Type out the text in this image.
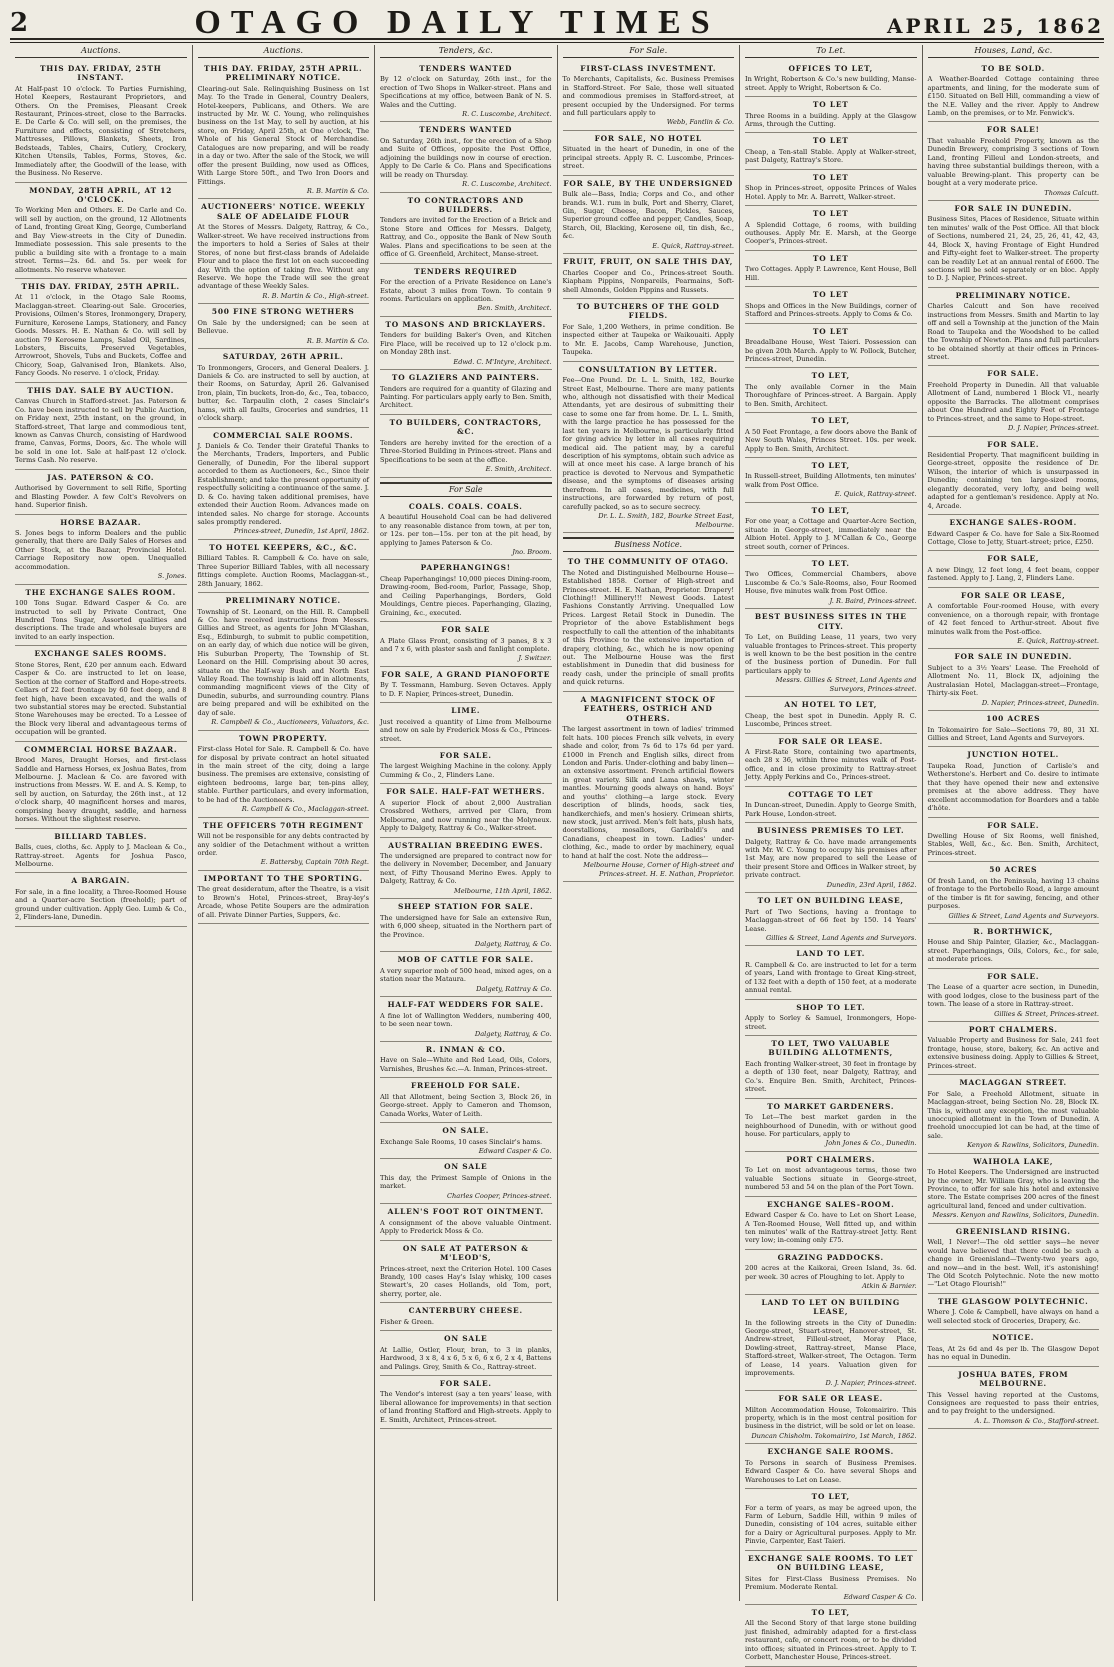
2	OTAGO DAILY TIMES	APRIL 25, 1862
Auctions.
THIS DAY. FRIDAY, 25TH INSTANT.

At Half-past 10 o'clock. To Parties Furnishing, Hotel Keepers, Restaurant Proprietors, and Others. On the Premises, Pleasant Creek Restaurant, Princes-street, close to the Barracks. E. De Carle & Co. will sell, on the premises, the Furniture and effects, consisting of Stretchers, Mattresses, Pillows, Blankets, Sheets, Iron Bedsteads, Tables, Chairs, Cutlery, Crockery, Kitchen Utensils, Tables, Forms, Stoves, &c. Immediately after, the Goodwill of the lease, with the Business. No Reserve.

MONDAY, 28TH APRIL, AT 12 O'CLOCK.

To Working Men and Others. E. De Carle and Co. will sell by auction, on the ground, 12 Allotments of Land, fronting Great King, George, Cumberland and Bay View-streets in the City of Dunedin. Immediate possession. This sale presents to the public a building site with a frontage to a main street. Terms—2s. 6d. and 5s. per week for allotments. No reserve whatever.

THIS DAY. FRIDAY, 25TH APRIL.

At 11 o'clock, in the Otago Sale Rooms, Maclaggan-street. Clearing-out Sale. Groceries, Provisions, Oilmen's Stores, Ironmongery, Drapery, Furniture, Kerosene Lamps, Stationery, and Fancy Goods. Messrs. H. E. Nathan & Co. will sell by auction 79 Kerosene Lamps, Salad Oil, Sardines, Lobsters, Biscuits, Preserved Vegetables, Arrowroot, Shovels, Tubs and Buckets, Coffee and Chicory, Soap, Galvanised Iron, Blankets. Also, Fancy Goods. No reserve. 1 o'clock, Friday.

THIS DAY. SALE BY AUCTION.

Canvas Church in Stafford-street. Jas. Paterson & Co. have been instructed to sell by Public Auction, on Friday next, 25th instant, on the ground, in Stafford-street, That large and commodious tent, known as Canvas Church, consisting of Hardwood frame, Canvas, Forms, Doors, &c. The whole will be sold in one lot. Sale at half-past 12 o'clock. Terms Cash. No reserve.

JAS. PATERSON & CO.

Authorised by Government to sell Rifle, Sporting and Blasting Powder. A few Colt's Revolvers on hand. Superior finish.

HORSE BAZAAR.

S. Jones begs to inform Dealers and the public generally, that there are Daily Sales of Horses and Other Stock, at the Bazaar, Provincial Hotel. Carriage Repository now open. Unequalled accommodation.

S. Jones.

THE EXCHANGE SALES ROOM.

100 Tons Sugar. Edward Casper & Co. are instructed to sell by Private Contract, One Hundred Tons Sugar, Assorted qualities and descriptions. The trade and wholesale buyers are invited to an early inspection.

EXCHANGE SALES ROOMS.

Stone Stores, Rent, £20 per annum each. Edward Casper & Co. are instructed to let on lease, Section at the corner of Stafford and Hope-streets. Cellars of 22 feet frontage by 60 feet deep, and 8 feet high, have been excavated, and the walls of two substantial stores may be erected. Substantial Stone Warehouses may be erected. To a Lessee of the Block very liberal and advantageous terms of occupation will be granted.

COMMERCIAL HORSE BAZAAR.

Brood Mares, Draught Horses, and first-class Saddle and Harness Horses, ex Joshua Bates, from Melbourne. J. Maclean & Co. are favored with instructions from Messrs. W. E. and A. S. Kemp, to sell by auction, on Saturday, the 26th inst., at 12 o'clock sharp, 40 magnificent horses and mares, comprising heavy draught, saddle, and harness horses. Without the slightest reserve.

BILLIARD TABLES.

Balls, cues, cloths, &c. Apply to J. Maclean & Co., Rattray-street. Agents for Joshua Pasco, Melbourne.

A BARGAIN.

For sale, in a fine locality, a Three-Roomed House and a Quarter-acre Section (freehold); part of ground under cultivation. Apply Geo. Lumb & Co., 2, Flinders-lane, Dunedin.

Auctions.
THIS DAY. FRIDAY, 25TH APRIL. PRELIMINARY NOTICE.

Clearing-out Sale. Relinquishing Business on 1st May. To the Trade in General, Country Dealers, Hotel-keepers, Publicans, and Others. We are instructed by Mr. W. C. Young, who relinquishes business on the 1st May, to sell by auction, at his store, on Friday, April 25th, at One o'clock, The Whole of his General Stock of Merchandise. Catalogues are now preparing, and will be ready in a day or two. After the sale of the Stock, we will offer the present Building, now used as Offices, With Large Store 50ft., and Two Iron Doors and Fittings.

R. B. Martin & Co.

AUCTIONEERS' NOTICE. WEEKLY SALE OF ADELAIDE FLOUR

At the Stores of Messrs. Dalgety, Rattray, & Co., Walker-street. We have received instructions from the importers to hold a Series of Sales at their Stores, of none but first-class brands of Adelaide Flour and to place the first lot on each succeeding day. With the option of taking five. Without any Reserve. We hope the Trade will see the great advantage of these Weekly Sales.

R. B. Martin & Co., High-street.

500 FINE STRONG WETHERS

On Sale by the undersigned; can be seen at Bellevue.

R. B. Martin & Co.

SATURDAY, 26TH APRIL.

To Ironmongers, Grocers, and General Dealers. J. Daniels & Co. are instructed to sell by auction, at their Rooms, on Saturday, April 26. Galvanised Iron, plain, Tin buckets, Iron-do, &c., Tea, tobacco, butter, &c. Tarpaulin cloth, 2 cases Sinclair's hams, with all faults, Groceries and sundries, 11 o'clock sharp.

COMMERCIAL SALE ROOMS.

J. Daniels & Co. Tender their Grateful Thanks to the Merchants, Traders, Importers, and Public Generally, of Dunedin, For the liberal support accorded to them as Auctioneers, &c., Since their Establishment; and take the present opportunity of respectfully soliciting a continuance of the same. J. D. & Co. having taken additional premises, have extended their Auction Room. Advances made on intended sales. No charge for storage. Accounts sales promptly rendered.

Princes-street, Dunedin, 1st April, 1862.

TO HOTEL KEEPERS, &C., &C.

Billiard Tables. R. Campbell & Co. have on sale, Three Superior Billiard Tables, with all necessary fittings complete. Auction Rooms, Maclaggan-st., 28th January, 1862.

PRELIMINARY NOTICE.

Township of St. Leonard, on the Hill. R. Campbell & Co. have received instructions from Messrs. Gillies and Street, as agents for John M'Glashan, Esq., Edinburgh, to submit to public competition, on an early day, of which due notice will be given, His Suburban Property, The Township of St. Leonard on the Hill. Comprising about 30 acres, situate on the Half-way Bush and North East Valley Road. The township is laid off in allotments, commanding magnificent views of the City of Dunedin, suburbs, and surrounding country. Plans are being prepared and will be exhibited on the day of sale.

R. Campbell & Co., Auctioneers, Valuators, &c.

TOWN PROPERTY.

First-class Hotel for Sale. R. Campbell & Co. have for disposal by private contract an hotel situated in the main street of the city, doing a large business. The premises are extensive, consisting of eighteen bedrooms, large bar, ten-pins alley, stable. Further particulars, and every information, to be had of the Auctioneers.

R. Campbell & Co., Maclaggan-street.

THE OFFICERS 70TH REGIMENT

Will not be responsible for any debts contracted by any soldier of the Detachment without a written order.

E. Battersby, Captain 70th Regt.

IMPORTANT TO THE SPORTING.

The great desideratum, after the Theatre, is a visit to Brown's Hotel, Princes-street, Bray-ley's Arcade, whose Petite Soupers are the admiration of all. Private Dinner Parties, Suppers, &c.

Tenders, &c.
TENDERS WANTED

By 12 o'clock on Saturday, 26th inst., for the erection of Two Shops in Walker-street. Plans and Specifications at my office, between Bank of N. S. Wales and the Cutting.

R. C. Luscombe, Architect.

TENDERS WANTED

On Saturday, 26th inst., for the erection of a Shop and Suite of Offices, opposite the Post Office, adjoining the buildings now in course of erection. Apply to De Carle & Co. Plans and Specifications will be ready on Thursday.

R. C. Luscombe, Architect.

TO CONTRACTORS AND BUILDERS.

Tenders are invited for the Erection of a Brick and Stone Store and Offices for Messrs. Dalgety, Rattray, and Co., opposite the Bank of New South Wales. Plans and specifications to be seen at the office of G. Greenfield, Architect, Manse-street.

TENDERS REQUIRED

For the erection of a Private Residence on Lane's Estate, about 3 miles from Town. To contain 9 rooms. Particulars on application.

Ben. Smith, Architect.

TO MASONS AND BRICKLAYERS.

Tenders for building Baker's Oven, and Kitchen Fire Place, will be received up to 12 o'clock p.m. on Monday 28th inst.

Edwd. C. M'Intyre, Architect.

TO GLAZIERS AND PAINTERS.

Tenders are required for a quantity of Glazing and Painting. For particulars apply early to Ben. Smith, Architect.

TO BUILDERS, CONTRACTORS, &C.

Tenders are hereby invited for the erection of a Three-Storied Building in Princes-street. Plans and Specifications to be seen at the office.

E. Smith, Architect.

For Sale
COALS. COALS. COALS.

A beautiful Household Coal can be had delivered to any reasonable distance from town, at per ton, or 12s. per ton—15s. per ton at the pit head, by applying to James Paterson & Co.

Jno. Broom.

PAPERHANGINGS!

Cheap Paperhangings! 10,000 pieces Dining-room, Drawing-room, Bed-room, Parlor, Passage, Shop, and Ceiling Paperhangings, Borders, Gold Mouldings, Centre pieces. Paperhanging, Glazing, Graining, &c., executed.

FOR SALE

A Plate Glass Front, consisting of 3 panes, 8 x 3 and 7 x 6, with plaster sash and fanlight complete.

J. Switzer.

FOR SALE, A GRAND PIANOFORTE

By T. Tessmann, Hamburg. Seven Octaves. Apply to D. F. Napier, Princes-street, Dunedin.

LIME.

Just received a quantity of Lime from Melbourne and now on sale by Frederick Moss & Co., Princes-street.

FOR SALE.

The largest Weighing Machine in the colony. Apply Cumming & Co., 2, Flinders Lane.

FOR SALE. HALF-FAT WETHERS.

A superior Flock of about 2,000 Australian Crossbred Wethers, arrived per Clara, from Melbourne, and now running near the Molyneux. Apply to Dalgety, Rattray & Co., Walker-street.

AUSTRALIAN BREEDING EWES.

The undersigned are prepared to contract now for the delivery in November, December, and January next, of Fifty Thousand Merino Ewes. Apply to Dalgety, Rattray, & Co.

Melbourne, 11th April, 1862.

SHEEP STATION FOR SALE.

The undersigned have for Sale an extensive Run, with 6,000 sheep, situated in the Northern part of the Province.

Dalgety, Rattray, & Co.

MOB OF CATTLE FOR SALE.

A very superior mob of 500 head, mixed ages, on a station near the Mataura.

Dalgety, Rattray & Co.

HALF-FAT WEDDERS FOR SALE.

A fine lot of Wallington Wedders, numbering 400, to be seen near town.

Dalgety, Rattray, & Co.

R. INMAN & CO.

Have on Sale—White and Red Lead, Oils, Colors, Varnishes, Brushes &c.—A. Inman, Princes-street.

FREEHOLD FOR SALE.

All that Allotment, being Section 3, Block 26, in George-street. Apply to Cameron and Thomson, Canada Works, Water of Leith.

ON SALE.

Exchange Sale Rooms, 10 cases Sinclair's hams.

Edward Casper & Co.

ON SALE

This day, the Primest Sample of Onions in the market.

Charles Cooper, Princes-street.

ALLEN'S FOOT ROT OINTMENT.

A consignment of the above valuable Ointment. Apply to Frederick Moss & Co.

ON SALE AT PATERSON & M'LEOD'S,

Princes-street, next the Criterion Hotel. 100 Cases Brandy, 100 cases Hay's Islay whisky, 100 cases Stewart's, 20 cases Hollands, old Tom, port, sherry, porter, ale.

CANTERBURY CHEESE.

Fisher & Green.

ON SALE

At Lallie, Ostler, Flour, bran, to 3 in planks, Hardwood, 3 x 8, 4 x 6, 5 x 6, 6 x 6, 2 x 4, Battens and Palings. Grey, Smith & Co., Rattray-street.

FOR SALE.

The Vendor's interest (say a ten years' lease, with liberal allowance for improvements) in that section of land fronting Stafford and High-streets. Apply to E. Smith, Architect, Princes-street.

For Sale.
FIRST-CLASS INVESTMENT.

To Merchants, Capitalists, &c. Business Premises in Stafford-Street. For Sale, those well situated and commodious premises in Stafford-street, at present occupied by the Undersigned. For terms and full particulars apply to

Webb, Fantlin & Co.

FOR SALE, NO HOTEL

Situated in the heart of Dunedin, in one of the principal streets. Apply R. C. Luscombe, Princes-street.

FOR SALE, BY THE UNDERSIGNED

Bulk ale—Bass, India; Corps and Co., and other brands. W.1. rum in bulk, Port and Sherry, Claret, Gin, Sugar, Cheese, Bacon, Pickles, Sauces, Superior ground coffee and pepper, Candles, Soap, Starch, Oil, Blacking, Kerosene oil, tin dish, &c., &c.

E. Quick, Rattray-street.

FRUIT, FRUIT, ON SALE THIS DAY,

Charles Cooper and Co., Princes-street South. Kiapham Pippins, Nonpareils, Pearmains, Soft-shell Almonds, Golden Pippins and Russets.

TO BUTCHERS OF THE GOLD FIELDS.

For Sale, 1,200 Wethers, in prime condition. Be inspected either at Taupeka or Waikouaiti. Apply to Mr. E. Jacobs, Camp Warehouse, Junction, Taupeka.

CONSULTATION BY LETTER.

Fee—One Pound. Dr. L. L. Smith, 182, Bourke Street East, Melbourne. There are many patients who, although not dissatisfied with their Medical Attendants, yet are desirous of submitting their case to some one far from home. Dr. L. L. Smith, with the large practice he has possessed for the last ten years in Melbourne, is particularly fitted for giving advice by letter in all cases requiring medical aid. The patient may, by a careful description of his symptoms, obtain such advice as will at once meet his case. A large branch of his practice is devoted to Nervous and Sympathetic disease, and the symptoms of diseases arising therefrom. In all cases, medicines, with full instructions, are forwarded by return of post, carefully packed, so as to secure secrecy.

Dr. L. L. Smith, 182, Bourke Street East, Melbourne.

Business Notice.
TO THE COMMUNITY OF OTAGO.

The Noted and Distinguished Melbourne House—Established 1858. Corner of High-street and Princes-street. H. E. Nathan, Proprietor. Drapery! Clothing!! Millinery!!! Newest Goods. Latest Fashions Constantly Arriving. Unequalled Low Prices. Largest Retail Stock in Dunedin. The Proprietor of the above Establishment begs respectfully to call the attention of the inhabitants of this Province to the extensive importation of drapery, clothing, &c., which he is now opening out. The Melbourne House was the first establishment in Dunedin that did business for ready cash, under the principle of small profits and quick returns.

A MAGNIFICENT STOCK OF FEATHERS, OSTRICH AND OTHERS.

The largest assortment in town of ladies' trimmed felt hats. 100 pieces French silk velvets, in every shade and color, from 7s 6d to 17s 6d per yard. £1000 in French and English silks, direct from London and Paris. Under-clothing and baby linen—an extensive assortment. French artificial flowers in great variety. Silk and Lama shawls, winter mantles. Mourning goods always on hand. Boys' and youths' clothing—a large stock. Every description of blinds, hoods, sack ties, handkerchiefs, and men's hosiery. Crimean shirts, new stock, just arrived. Men's felt hats, plush hats, doorstallions, mosaïlors, Garibaldi's and Canadians, cheapest in town. Ladies' under-clothing, &c., made to order by machinery, equal to hand at half the cost. Note the address—

Melbourne House, Corner of High-street and Princes-street. H. E. Nathan, Proprietor.

To Let.
OFFICES TO LET,

In Wright, Robertson & Co.'s new building, Manse-street. Apply to Wright, Robertson & Co.

TO LET

Three Rooms in a building. Apply at the Glasgow Arms, through the Cutting.

TO LET

Cheap, a Ten-stall Stable. Apply at Walker-street, past Dalgety, Rattray's Store.

TO LET

Shop in Princes-street, opposite Princes of Wales Hotel. Apply to Mr. A. Barrett, Walker-street.

TO LET

A Splendid Cottage, 6 rooms, with building outhouses. Apply Mr. E. Marsh, at the George Cooper's, Princes-street.

TO LET

Two Cottages. Apply P. Lawrence, Kent House, Bell Hill.

TO LET

Shops and Offices in the New Buildings, corner of Stafford and Princes-streets. Apply to Coms & Co.

TO LET

Breadalbane House, West Taieri. Possession can be given 20th March. Apply to W. Pollock, Butcher, Princes-street, Dunedin.

TO LET,

The only available Corner in the Main Thoroughfare of Princes-street. A Bargain. Apply to Ben. Smith, Architect.

TO LET,

A 50 Feet Frontage, a few doors above the Bank of New South Wales, Princes Street. 10s. per week. Apply to Ben. Smith, Architect.

TO LET,

In Russell-street, Building Allotments, ten minutes' walk from Post Office.

E. Quick, Rattray-street.

TO LET,

For one year, a Cottage and Quarter-Acre Section, situate in George-street, immediately near the Albion Hotel. Apply to J. M'Callan & Co., George street south, corner of Princes.

TO LET.

Two Offices, Commercial Chambers, above Luscombe & Co.'s Sale-Rooms, also, Four Roomed House, five minutes walk from Post Office.

J. R. Baird, Princes-street.

BEST BUSINESS SITES IN THE CITY.

To Let, on Building Lease, 11 years, two very valuable frontages to Princes-street. This property is well known to be the best position in the centre of the business portion of Dunedin. For full particulars apply to

Messrs. Gillies & Street, Land Agents and Surveyors, Princes-street.

AN HOTEL TO LET,

Cheap, the best spot in Dunedin. Apply R. C. Luscombe, Princes street.

FOR SALE OR LEASE.

A First-Rate Store, containing two apartments, each 28 x 36, within three minutes walk of Post-office, and in close proximity to Rattray-street Jetty. Apply Perkins and Co., Princes-street.

COTTAGE TO LET

In Duncan-street, Dunedin. Apply to George Smith, Park House, London-street.

BUSINESS PREMISES TO LET.

Dalgety, Rattray & Co. have made arrangements with Mr. W. C. Young to occupy his premises after 1st May, are now prepared to sell the Lease of their present Store and Offices in Walker street, by private contract.

Dunedin, 23rd April, 1862.

TO LET ON BUILDING LEASE,

Part of Two Sections, having a frontage to Maclaggan-street of 66 feet by 150. 14 Years' Lease.

Gillies & Street, Land Agents and Surveyors.

LAND TO LET.

R. Campbell & Co. are instructed to let for a term of years, Land with frontage to Great King-street, of 132 feet with a depth of 150 feet, at a moderate annual rental.

SHOP TO LET.

Apply to Sorley & Samuel, Ironmongers, Hope-street.

TO LET, TWO VALUABLE BUILDING ALLOTMENTS,

Each fronting Walker-street, 30 feet in frontage by a depth of 130 feet, near Dalgety, Rattray, and Co.'s. Enquire Ben. Smith, Architect, Princes-street.

TO MARKET GARDENERS.

To Let—The best market garden in the neighbourhood of Dunedin, with or without good house. For particulars, apply to

John Jones & Co., Dunedin.

PORT CHALMERS.

To Let on most advantageous terms, those two valuable Sections situate in George-street, numbered 53 and 54 on the plan of the Port Town.

EXCHANGE SALES-ROOM.

Edward Casper & Co. have to Let on Short Lease, A Ten-Roomed House, Well fitted up, and within ten minutes' walk of the Rattray-street Jetty. Rent very low; in-coming only £75.

GRAZING PADDOCKS.

200 acres at the Kaikorai, Green Island, 3s. 6d. per week. 30 acres of Ploughing to let. Apply to

Atkin & Barnier.

LAND TO LET ON BUILDING LEASE,

In the following streets in the City of Dunedin: George-street, Stuart-street, Hanover-street, St. Andrew-street, Filleul-street, Moray Place, Dowling-street, Rattray-street, Manse Place, Stafford-street, Walker-street, The Octagon. Term of Lease, 14 years. Valuation given for improvements.

D. J. Napier, Princes-street.

FOR SALE OR LEASE.

Milton Accommodation House, Tokomairiro. This property, which is in the most central position for business in the district, will be sold or let on lease.

Duncan Chisholm. Tokomairiro, 1st March, 1862.

EXCHANGE SALE ROOMS.

To Persons in search of Business Premises. Edward Casper & Co. have several Shops and Warehouses to Let on Lease.

TO LET,

For a term of years, as may be agreed upon, the Farm of Leburn, Saddle Hill, within 9 miles of Dunedin, consisting of 104 acres, suitable either for a Dairy or Agricultural purposes. Apply to Mr. Pinvie, Carpenter, East Taieri.

EXCHANGE SALE ROOMS. TO LET ON BUILDING LEASE,

Sites for First-Class Business Premises. No Premium. Moderate Rental.

Edward Casper & Co.

TO LET,

All the Second Story of that large stone building just finished, admirably adapted for a first-class restaurant, cafe, or concert room, or to be divided into offices; situated in Princes-street. Apply to T. Corbett, Manchester House, Princes-street.

Houses, Land, &c.
TO BE SOLD.

A Weather-Boarded Cottage containing three apartments, and lining, for the moderate sum of £150. Situated on Bell Hill, commanding a view of the N.E. Valley and the river. Apply to Andrew Lamb, on the premises, or to Mr. Fenwick's.

FOR SALE!

That valuable Freehold Property, known as the Dunedin Brewery, comprising 3 sections of Town Land, fronting Filleul and London-streets, and having three substantial buildings thereon, with a valuable Brewing-plant. This property can be bought at a very moderate price.

Thomas Calcutt.

FOR SALE IN DUNEDIN.

Business Sites, Places of Residence, Situate within ten minutes' walk of the Post Office. All that block of Sections, numbered 21, 24, 25, 26, 41, 42, 43, 44, Block X, having Frontage of Eight Hundred and Fifty-eight feet to Walker-street. The property can be readily Let at an annual rental of £600. The sections will be sold separately or en bloc. Apply to D. J. Napier, Princes-street.

PRELIMINARY NOTICE.

Charles Calcutt and Son have received instructions from Messrs. Smith and Martin to lay off and sell a Township at the junction of the Main Road to Taupeka and the Woodshed to be called the Township of Newton. Plans and full particulars to be obtained shortly at their offices in Princes-street.

FOR SALE.

Freehold Property in Dunedin. All that valuable Allotment of Land, numbered 1 Block VI., nearly opposite the Barracks. The allotment comprises about One Hundred and Eighty Feet of Frontage to Princes-street, and the same to Hope-street.

D. J. Napier, Princes-street.

FOR SALE.

Residential Property. That magnificent building in George-street, opposite the residence of Dr. Wilson, the interior of which is unsurpassed in Dunedin; containing ten large-sized rooms, elegantly decorated, very lofty, and being well adapted for a gentleman's residence. Apply at No. 4, Arcade.

EXCHANGE SALES-ROOM.

Edward Casper & Co. have for Sale a Six-Roomed Cottage, Close to Jetty, Stuart-street; price, £250.

FOR SALE,

A new Dingy, 12 feet long, 4 feet beam, copper fastened. Apply to J. Lang, 2, Flinders Lane.

FOR SALE OR LEASE,

A comfortable Four-roomed House, with every convenience, on a thorough repair, with frontage of 42 feet fenced to Arthur-street. About five minutes walk from the Post-office.

E. Quick, Rattray-street.

FOR SALE IN DUNEDIN.

Subject to a 3½ Years' Lease. The Freehold of Allotment No. 11, Block IX, adjoining the Australasian Hotel, Maclaggan-street—Frontage, Thirty-six Feet.

D. Napier, Princes-street, Dunedin.

100 ACRES

In Tokomairiro for Sale—Sections 79, 80, 31 XI. Gillies and Street, Land Agents and Surveyors.

JUNCTION HOTEL.

Taupeka Road, Junction of Carlisle's and Wetherstone's. Herbert and Co. desire to intimate that they have opened their new and extensive premises at the above address. They have excellent accommodation for Boarders and a table d'hôte.

FOR SALE.

Dwelling House of Six Rooms, well finished, Stables, Well, &c., &c. Ben. Smith, Architect, Princes-street.

50 ACRES

Of fresh Land, on the Peninsula, having 13 chains of frontage to the Portobello Road, a large amount of the timber is fit for sawing, fencing, and other purposes.

Gillies & Street, Land Agents and Surveyors.

R. BORTHWICK,

House and Ship Painter, Glazier, &c., Maclaggan-street. Paperhangings, Oils, Colors, &c., for sale, at moderate prices.

FOR SALE.

The Lease of a quarter acre section, in Dunedin, with good lodges, close to the business part of the town. The lease of a store in Rattray-street.

Gillies & Street, Princes-street.

PORT CHALMERS.

Valuable Property and Business for Sale, 241 feet frontage, house, store, bakery, &c. An active and extensive business doing. Apply to Gillies & Street, Princes-street.

MACLAGGAN STREET.

For Sale, a Freehold Allotment, situate in Maclaggan-street, being Section No. 28, Block IX. This is, without any exception, the most valuable unoccupied allotment in the Town of Dunedin. A freehold unoccupied lot can be had, at the time of sale.

Kenyon & Rawlins, Solicitors, Dunedin.

WAIHOLA LAKE,

To Hotel Keepers. The Undersigned are instructed by the owner, Mr. William Gray, who is leaving the Province, to offer for sale his hotel and extensive store. The Estate comprises 200 acres of the finest agricultural land, fenced and under cultivation.

Messrs. Kenyon and Rawlins, Solicitors, Dunedin.

GREENISLAND RISING.

Well, I Never!—The old settler says—he never would have believed that there could be such a change in Greenisland—Twenty-two years ago, and now—and in the best. Well, it's astonishing! The Old Scotch Polytechnic. Note the new motto—"Let Otago Flourish!"

THE GLASGOW POLYTECHNIC.

Where J. Cole & Campbell, have always on hand a well selected stock of Groceries, Drapery, &c.

NOTICE.

Teas, At 2s 6d and 4s per lb. The Glasgow Depot has no equal in Dunedin.

JOSHUA BATES, FROM MELBOURNE.

This Vessel having reported at the Customs, Consignees are requested to pass their entries, and to pay freight to the undersigned.

A. L. Thomson & Co., Stafford-street.
